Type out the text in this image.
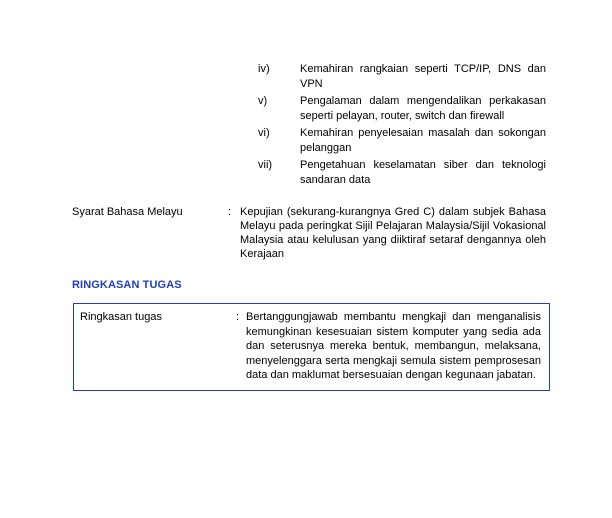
iv)	Kemahiran rangkaian seperti TCP/IP, DNS dan VPN
v)	Pengalaman dalam mengendalikan perkakasan seperti pelayan, router, switch dan firewall
vi)	Kemahiran penyelesaian masalah dan sokongan pelanggan
vii)	Pengetahuan keselamatan siber dan teknologi sandaran data
Syarat Bahasa Melayu	: Kepujian (sekurang-kurangnya Gred C) dalam subjek Bahasa Melayu pada peringkat Sijil Pelajaran Malaysia/Sijil Vokasional Malaysia atau kelulusan yang diiktiraf setaraf dengannya oleh Kerajaan
RINGKASAN TUGAS
Ringkasan tugas	: Bertanggungjawab membantu mengkaji dan menganalisis kemungkinan kesesuaian sistem komputer yang sedia ada dan seterusnya mereka bentuk, membangun, melaksana, menyelenggara serta mengkaji semula sistem pemprosesan data dan maklumat bersesuaian dengan kegunaan jabatan.
